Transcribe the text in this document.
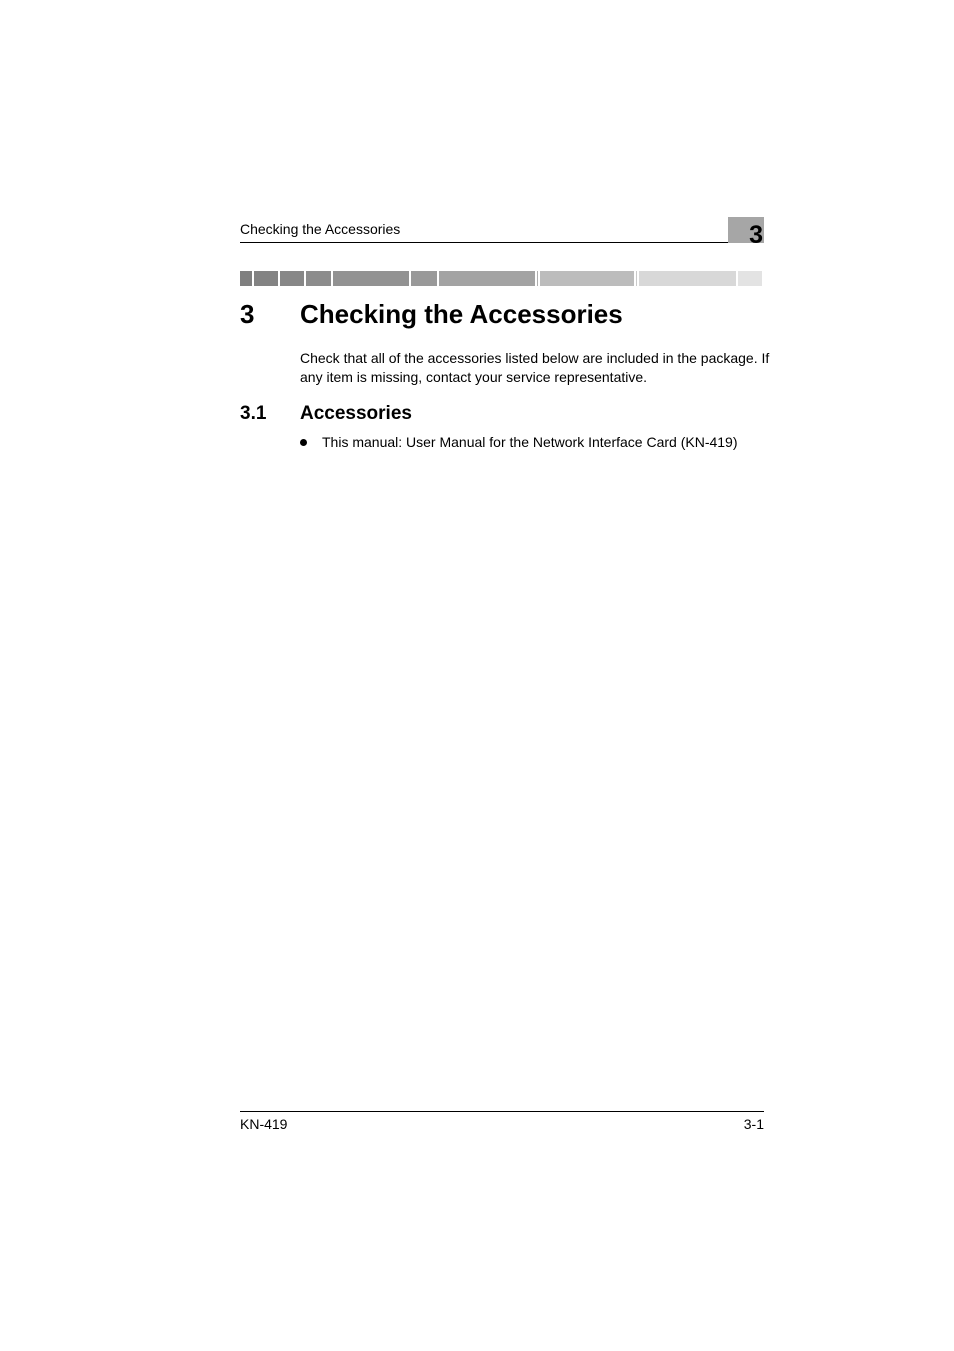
Checking the Accessories	3
3 Checking the Accessories

Check that all of the accessories listed below are included in the package. If any item is missing, contact your service representative.

3.1 Accessories
This manual: User Manual for the Network Interface Card (KN-419)
KN-419	3-1
